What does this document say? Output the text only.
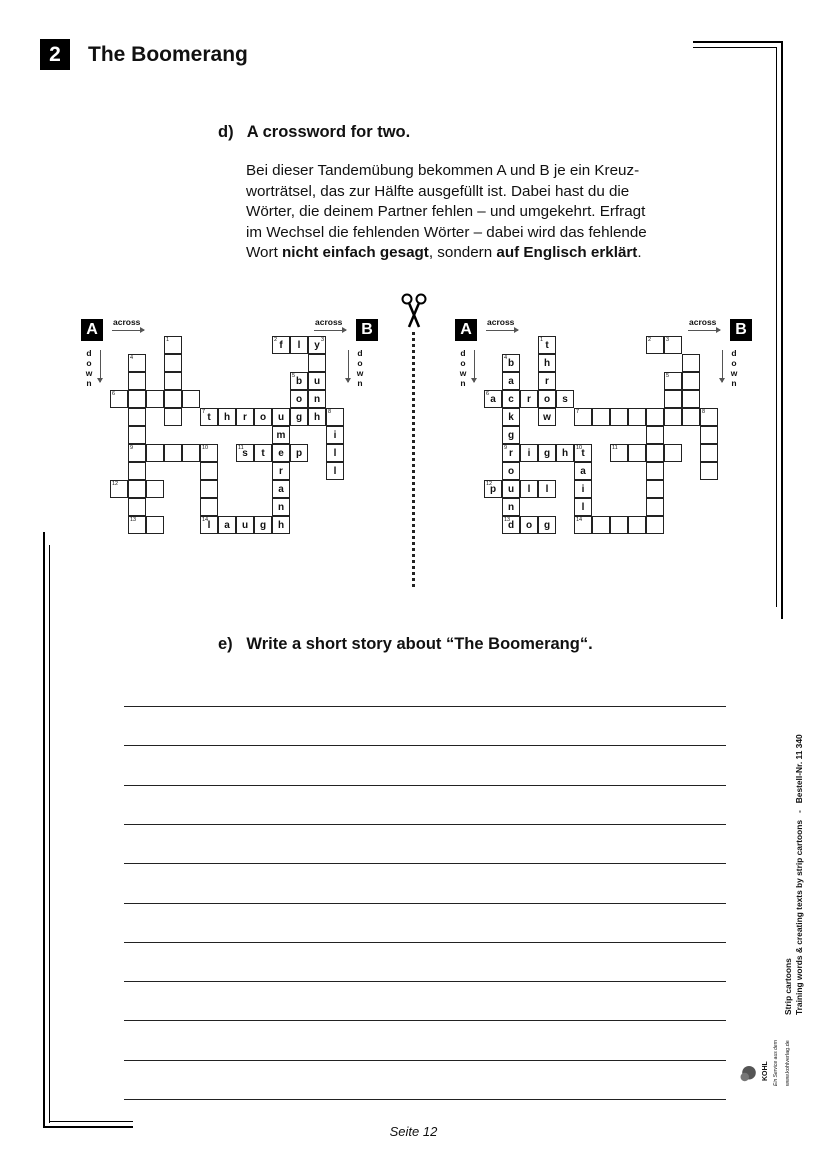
2 The Boomerang
d)   A crossword for two.
Bei dieser Tandemübung bekommen A und B je ein Kreuz-
worträtsel, das zur Hälfte ausgefüllt ist. Dabei hast du die
Wörter, die deinem Partner fehlen – und umgekehrt. Erfragt
im Wechsel die fehlenden Wörter – dabei wird das fehlende
Wort nicht einfach gesagt, sondern auf Englisch erklärt.
A	across	B
across
d
o
w
n
d
o
w
n
1	2 f	l	3
y
4
5 b	u
6	o	n
7 t	h	r	o	u	g	h	8
m	i
9	10	11
s	t	e	p	l
r	l
12	a
n
13	14 l	a	u	g	h
A	across	B
across
d
o
w
n
d
o
w
n
1 t	2	3
4 b	h
a	r	5
6 a	c	r	o	s
k	w	7	8
g
9 r	i	g	h	10 t	11
o	a
12
p	u	l	l	i
n	l
13
d	o	g	14
e)   Write a short story about “The Boomerang“.
Seite 12
Strip cartoons Training words & creating texts by strip cartoons   -   Bestell-Nr. 11 340
KOHL Ein Service aus dem www.kohlverlag.de
